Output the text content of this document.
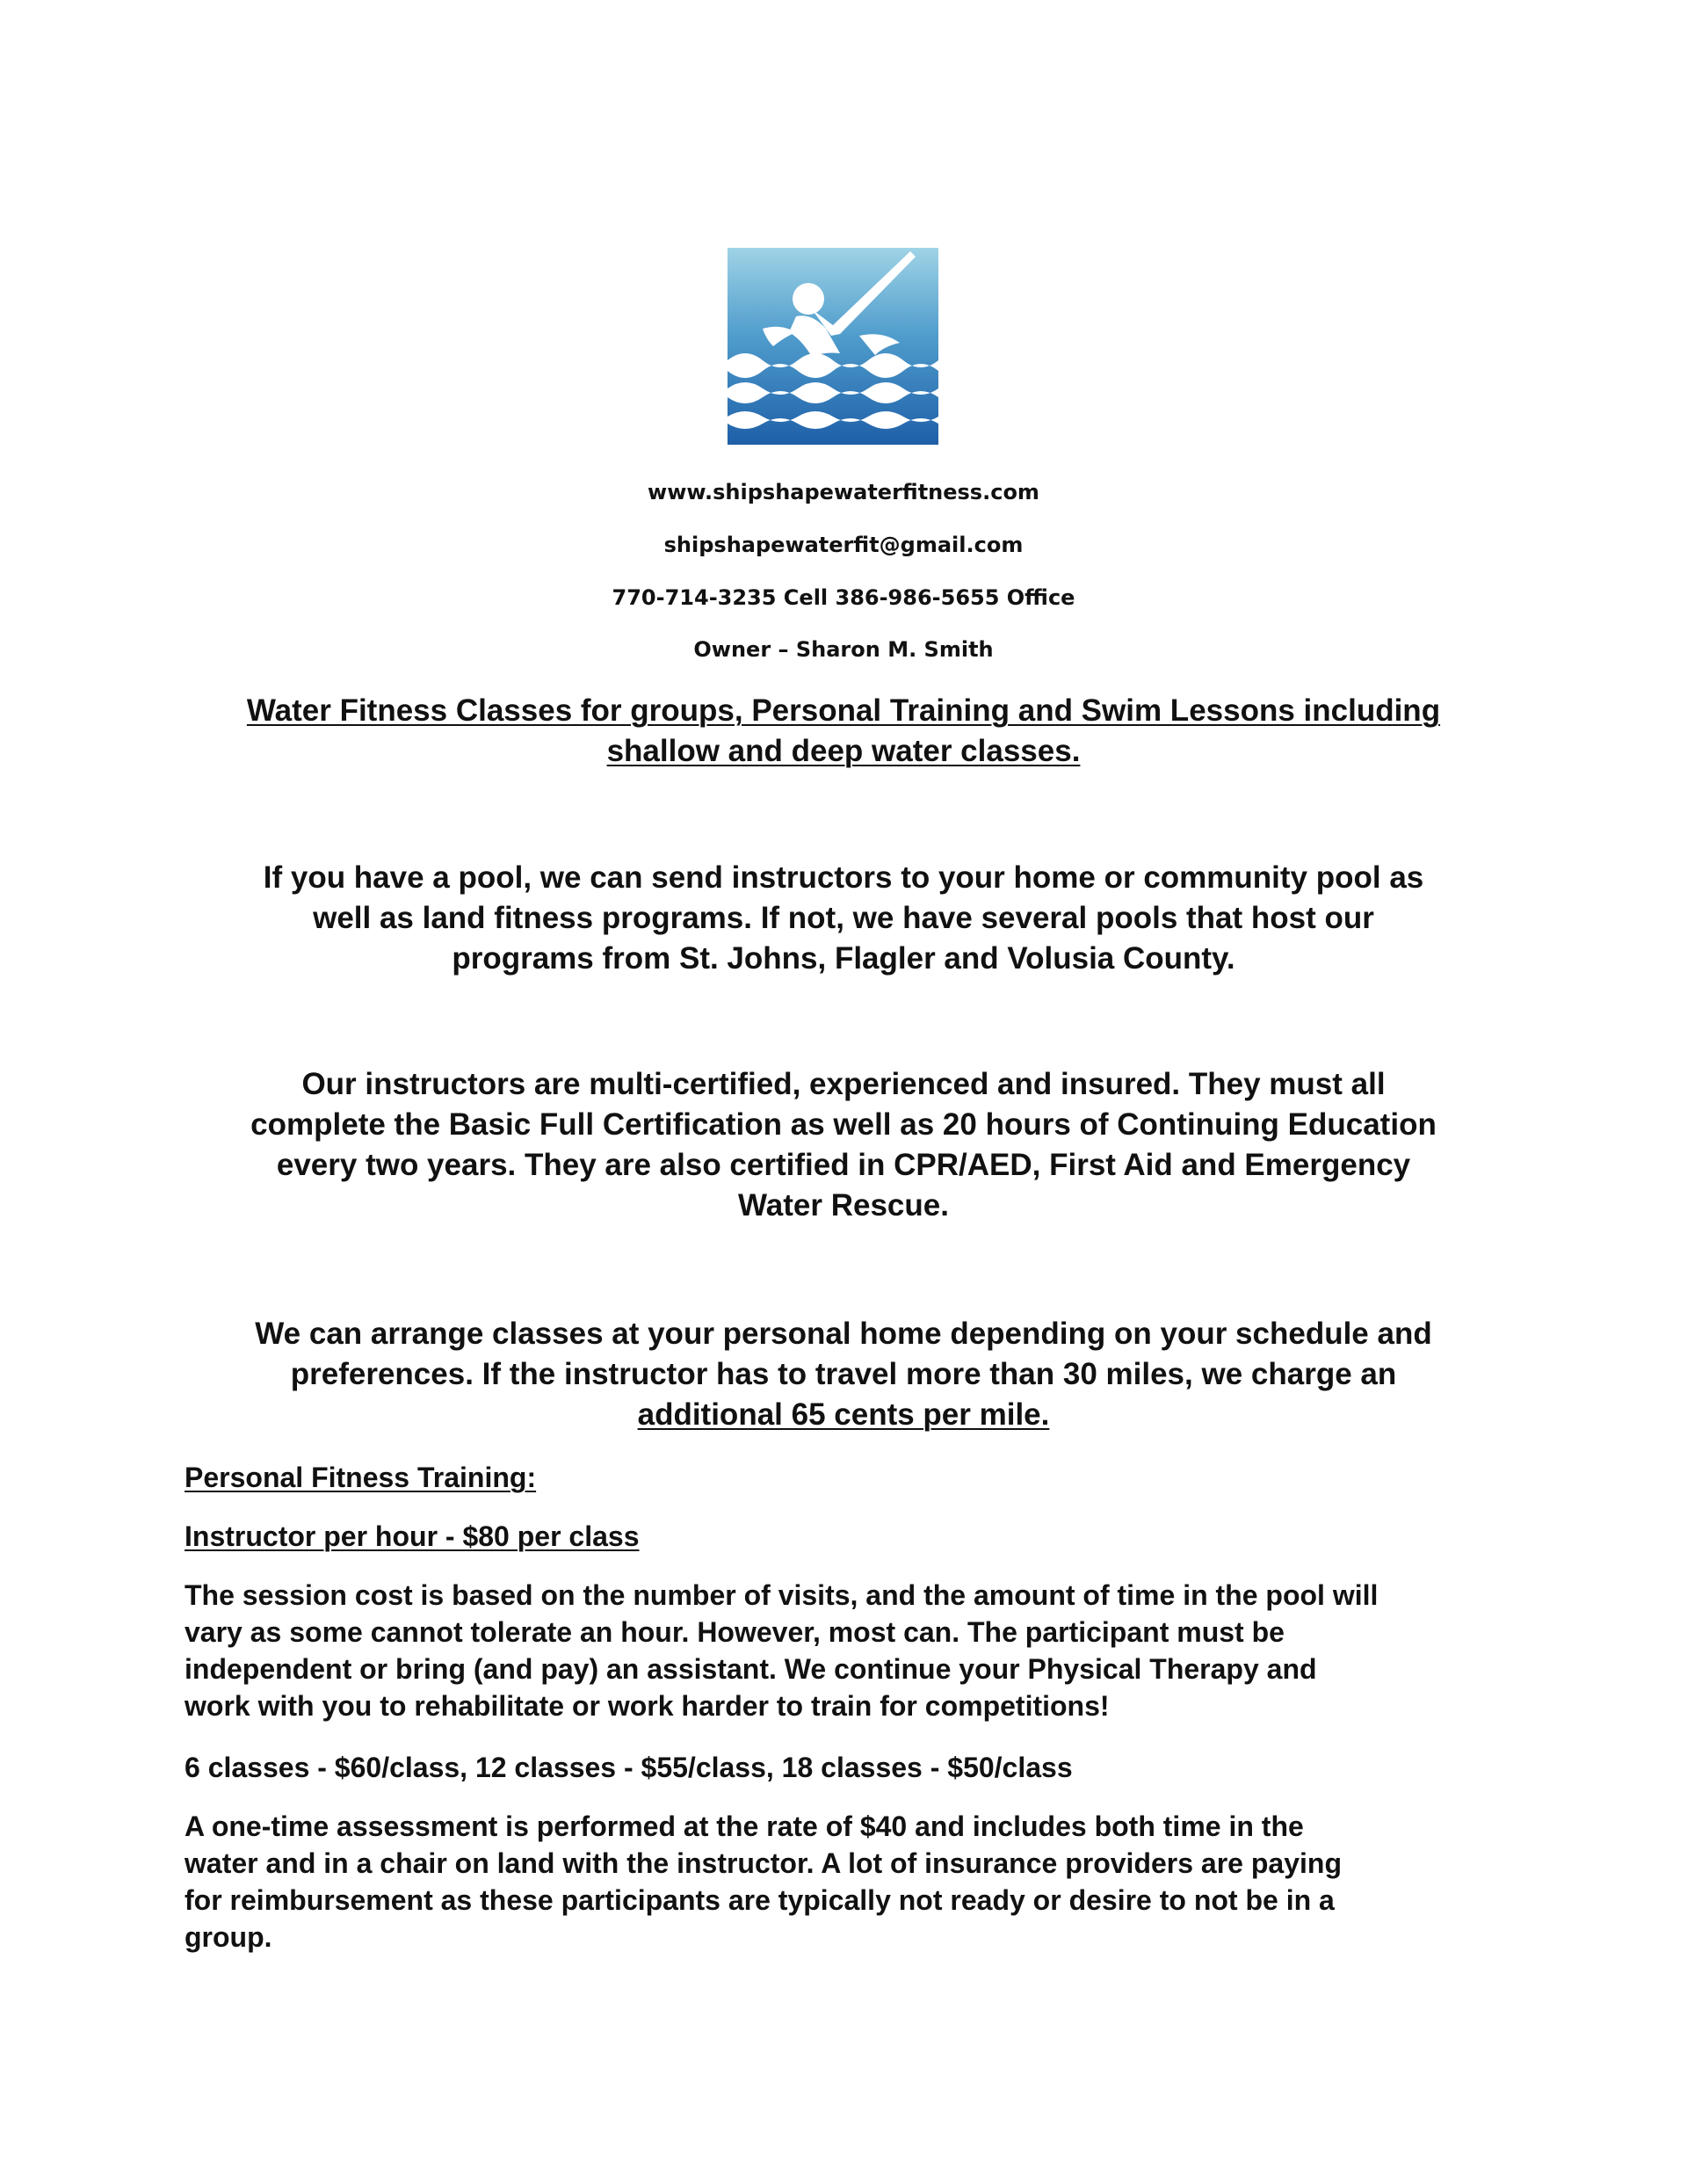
www.shipshapewaterfitness.com
shipshapewaterfit@gmail.com
770-714-3235 Cell 386-986-5655 Office
Owner – Sharon M. Smith
Water Fitness Classes for groups, Personal Training and Swim Lessons including
shallow and deep water classes.
If you have a pool, we can send instructors to your home or community pool as
well as land fitness programs. If not, we have several pools that host our
programs from St. Johns, Flagler and Volusia County.
Our instructors are multi-certified, experienced and insured. They must all
complete the Basic Full Certification as well as 20 hours of Continuing Education
every two years. They are also certified in CPR/AED, First Aid and Emergency
Water Rescue.
We can arrange classes at your personal home depending on your schedule and
preferences. If the instructor has to travel more than 30 miles, we charge an
additional 65 cents per mile.
Personal Fitness Training:
Instructor per hour - $80 per class
The session cost is based on the number of visits, and the amount of time in the pool will
vary as some cannot tolerate an hour. However, most can. The participant must be
independent or bring (and pay) an assistant. We continue your Physical Therapy and
work with you to rehabilitate or work harder to train for competitions!
6 classes - $60/class, 12 classes - $55/class, 18 classes - $50/class
A one-time assessment is performed at the rate of $40 and includes both time in the
water and in a chair on land with the instructor. A lot of insurance providers are paying
for reimbursement as these participants are typically not ready or desire to not be in a
group.
